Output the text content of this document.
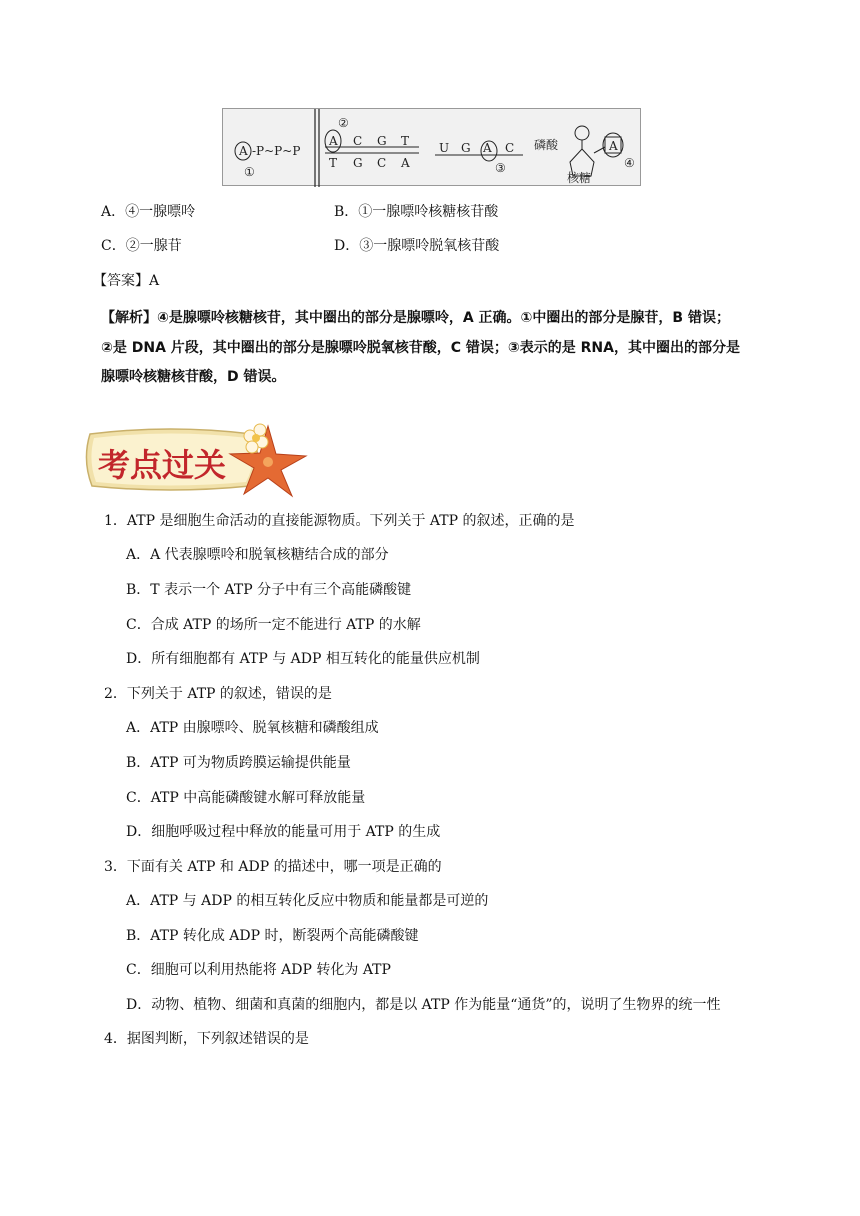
A -P~P~P
①
②
A C G T
T G C A
U G A C
③
磷酸	A
④
核糖
A．④一腺嘌呤	B．①一腺嘌呤核糖核苷酸
C．②一腺苷	D．③一腺嘌呤脱氧核苷酸
【答案】A
【解析】④是腺嘌呤核糖核苷，其中圈出的部分是腺嘌呤，A 正确。①中圈出的部分是腺苷，B 错误；
②是 DNA 片段，其中圈出的部分是腺嘌呤脱氧核苷酸，C 错误；③表示的是 RNA，其中圈出的部分是
腺嘌呤核糖核苷酸，D 错误。
考点过关
1．ATP 是细胞生命活动的直接能源物质。下列关于 ATP 的叙述，正确的是
A．A 代表腺嘌呤和脱氧核糖结合成的部分
B．T 表示一个 ATP 分子中有三个高能磷酸键
C．合成 ATP 的场所一定不能进行 ATP 的水解
D．所有细胞都有 ATP 与 ADP 相互转化的能量供应机制
2．下列关于 ATP 的叙述，错误的是
A．ATP 由腺嘌呤、脱氧核糖和磷酸组成
B．ATP 可为物质跨膜运输提供能量
C．ATP 中高能磷酸键水解可释放能量
D．细胞呼吸过程中释放的能量可用于 ATP 的生成
3．下面有关 ATP 和 ADP 的描述中，哪一项是正确的
A．ATP 与 ADP 的相互转化反应中物质和能量都是可逆的
B．ATP 转化成 ADP 时，断裂两个高能磷酸键
C．细胞可以利用热能将 ADP 转化为 ATP
D．动物、植物、细菌和真菌的细胞内，都是以 ATP 作为能量“通货”的，说明了生物界的统一性
4．据图判断，下列叙述错误的是
